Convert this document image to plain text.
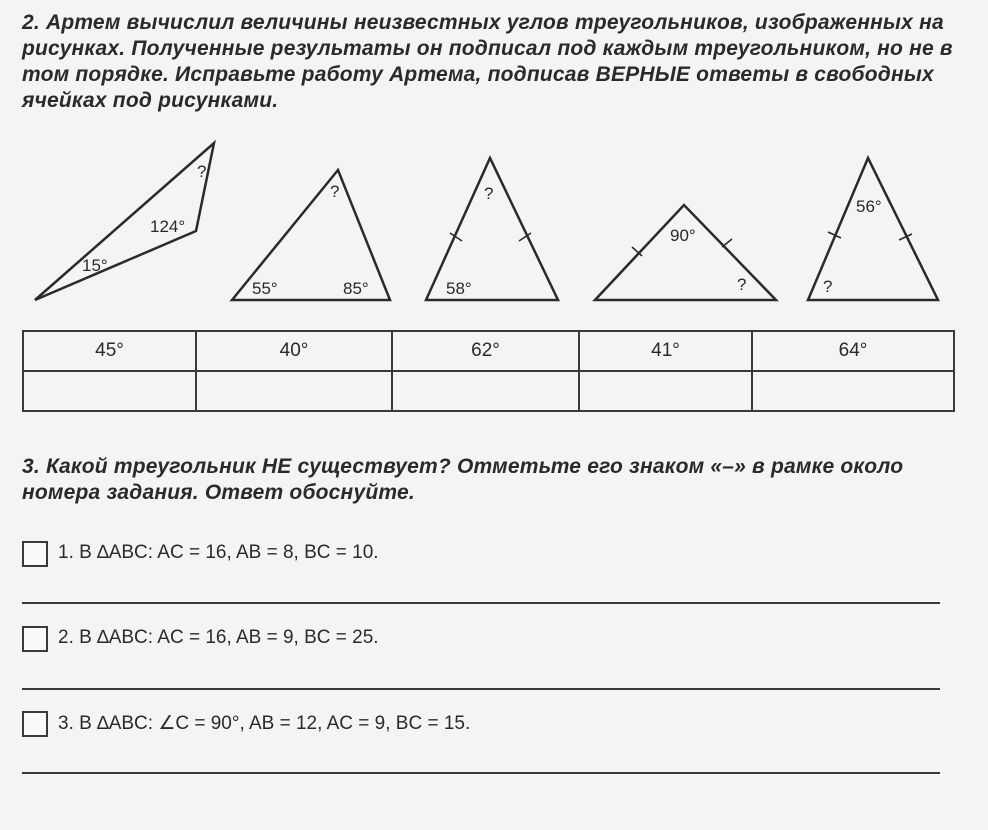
2. Артем вычислил величины неизвестных углов треугольников, изображенных на рисунках. Полученные результаты он подписал под каждым треугольником, но не в том порядке. Исправьте работу Артема, подписав ВЕРНЫЕ ответы в свободных ячейках под рисунками.
?
124°
15°
?
55°	85°
?
58°
90°
?
56°
?
45°	40°	62°	41°	64°

3. Какой треугольник НЕ существует? Отметьте его знаком «–» в рамке около номера задания. Ответ обоснуйте.
1. В ∆ABC: AC = 16, AB = 8, BC = 10.
2. В ∆ABC: AC = 16, AB = 9, BC = 25.
3. В ∆ABC: ∠C = 90°, AB = 12, AC = 9, BC = 15.
